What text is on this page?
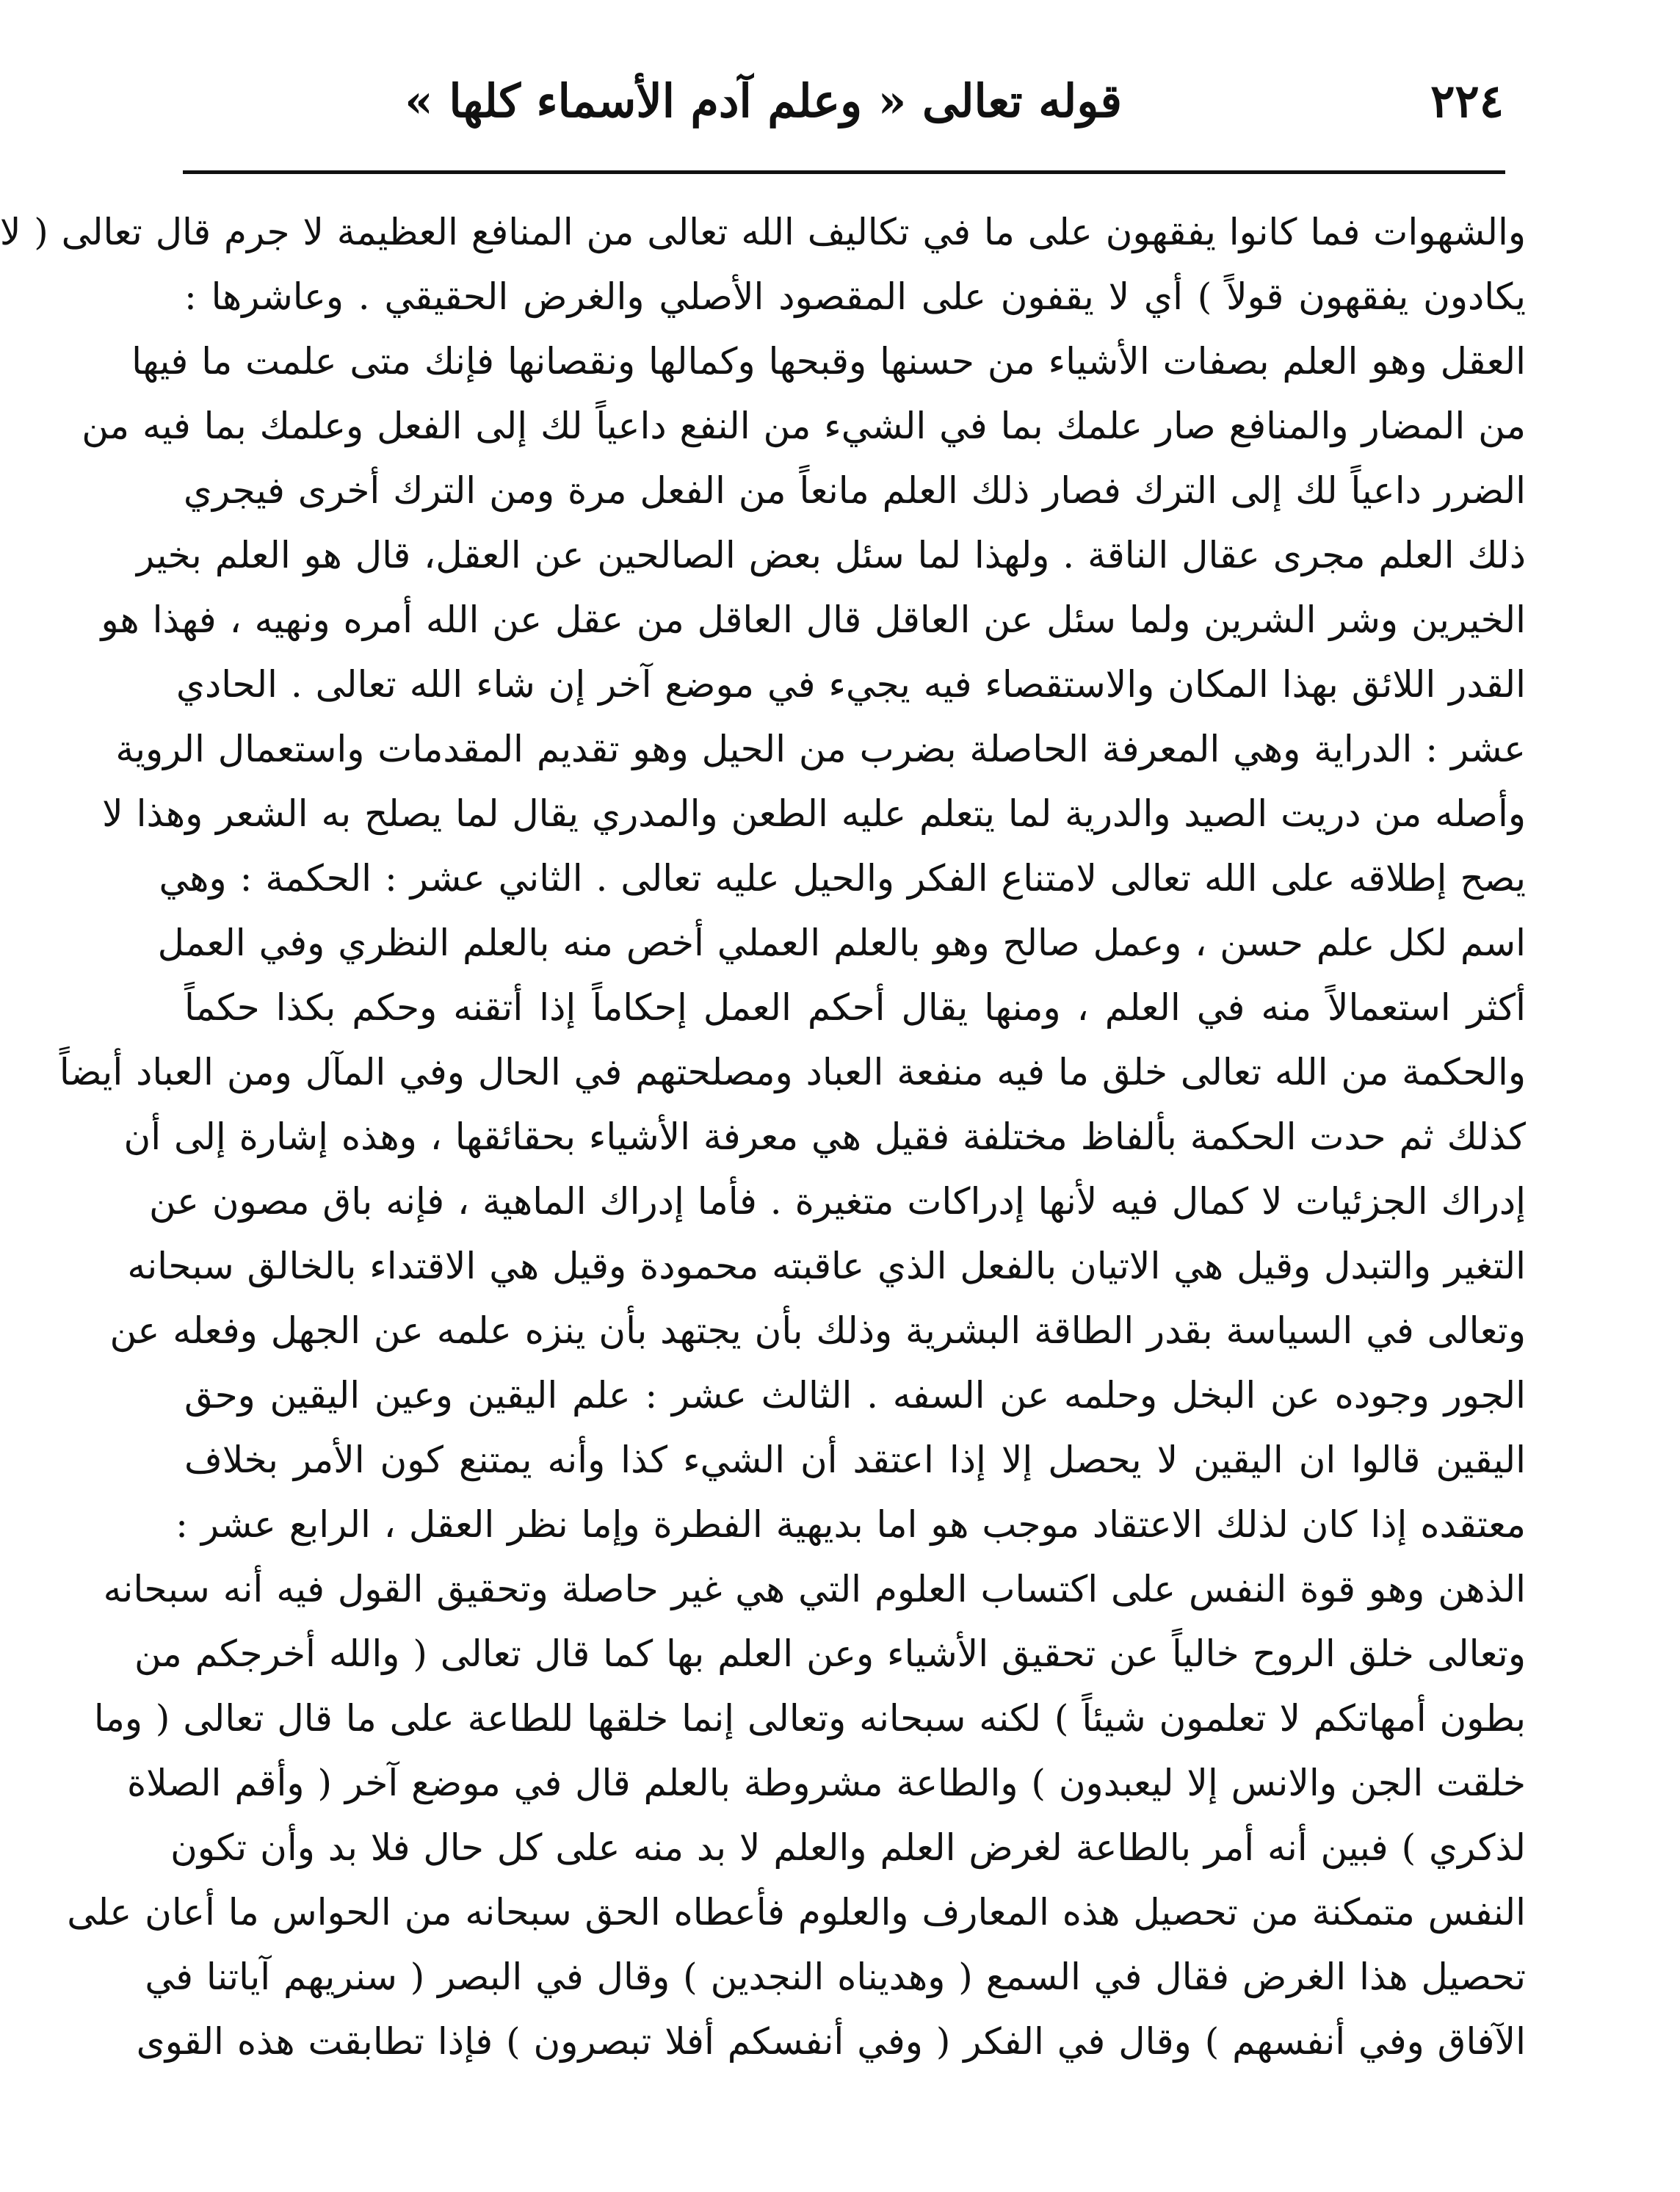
٢٢٤
قوله تعالى « وعلم آدم الأسماء كلها »
والشهوات فما كانوا يفقهون على ما في تكاليف الله تعالى من المنافع العظيمة لا جرم قال تعالى ( لا
يكادون يفقهون قولاً ) أي لا يقفون على المقصود الأصلي والغرض الحقيقي . وعاشرها :
العقل وهو العلم بصفات الأشياء من حسنها وقبحها وكمالها ونقصانها فإنك متى علمت ما فيها
من المضار والمنافع صار علمك بما في الشيء من النفع داعياً لك إلى الفعل وعلمك بما فيه من
الضرر داعياً لك إلى الترك فصار ذلك العلم مانعاً من الفعل مرة ومن الترك أخرى فيجري
ذلك العلم مجرى عقال الناقة . ولهذا لما سئل بعض الصالحين عن العقل، قال هو العلم بخير
الخيرين وشر الشرين ولما سئل عن العاقل قال العاقل من عقل عن الله أمره ونهيه ، فهذا هو
القدر اللائق بهذا المكان والاستقصاء فيه يجيء في موضع آخر إن شاء الله تعالى . الحادي
عشر : الدراية وهي المعرفة الحاصلة بضرب من الحيل وهو تقديم المقدمات واستعمال الروية
وأصله من دريت الصيد والدرية لما يتعلم عليه الطعن والمدري يقال لما يصلح به الشعر وهذا لا
يصح إطلاقه على الله تعالى لامتناع الفكر والحيل عليه تعالى . الثاني عشر : الحكمة : وهي
اسم لكل علم حسن ، وعمل صالح وهو بالعلم العملي أخص منه بالعلم النظري وفي العمل
أكثر استعمالاً منه في العلم ، ومنها يقال أحكم العمل إحكاماً إذا أتقنه وحكم بكذا حكماً
والحكمة من الله تعالى خلق ما فيه منفعة العباد ومصلحتهم في الحال وفي المآل ومن العباد أيضاً
كذلك ثم حدت الحكمة بألفاظ مختلفة فقيل هي معرفة الأشياء بحقائقها ، وهذه إشارة إلى أن
إدراك الجزئيات لا كمال فيه لأنها إدراكات متغيرة . فأما إدراك الماهية ، فإنه باق مصون عن
التغير والتبدل وقيل هي الاتيان بالفعل الذي عاقبته محمودة وقيل هي الاقتداء بالخالق سبحانه
وتعالى في السياسة بقدر الطاقة البشرية وذلك بأن يجتهد بأن ينزه علمه عن الجهل وفعله عن
الجور وجوده عن البخل وحلمه عن السفه . الثالث عشر : علم اليقين وعين اليقين وحق
اليقين قالوا ان اليقين لا يحصل إلا إذا اعتقد أن الشيء كذا وأنه يمتنع كون الأمر بخلاف
معتقده إذا كان لذلك الاعتقاد موجب هو اما بديهية الفطرة وإما نظر العقل ، الرابع عشر :
الذهن وهو قوة النفس على اكتساب العلوم التي هي غير حاصلة وتحقيق القول فيه أنه سبحانه
وتعالى خلق الروح خالياً عن تحقيق الأشياء وعن العلم بها كما قال تعالى ( والله أخرجكم من
بطون أمهاتكم لا تعلمون شيئاً ) لكنه سبحانه وتعالى إنما خلقها للطاعة على ما قال تعالى ( وما
خلقت الجن والانس إلا ليعبدون ) والطاعة مشروطة بالعلم قال في موضع آخر ( وأقم الصلاة
لذكري ) فبين أنه أمر بالطاعة لغرض العلم والعلم لا بد منه على كل حال فلا بد وأن تكون
النفس متمكنة من تحصيل هذه المعارف والعلوم فأعطاه الحق سبحانه من الحواس ما أعان على
تحصيل هذا الغرض فقال في السمع ( وهديناه النجدين ) وقال في البصر ( سنريهم آياتنا في
الآفاق وفي أنفسهم ) وقال في الفكر ( وفي أنفسكم أفلا تبصرون ) فإذا تطابقت هذه القوى
